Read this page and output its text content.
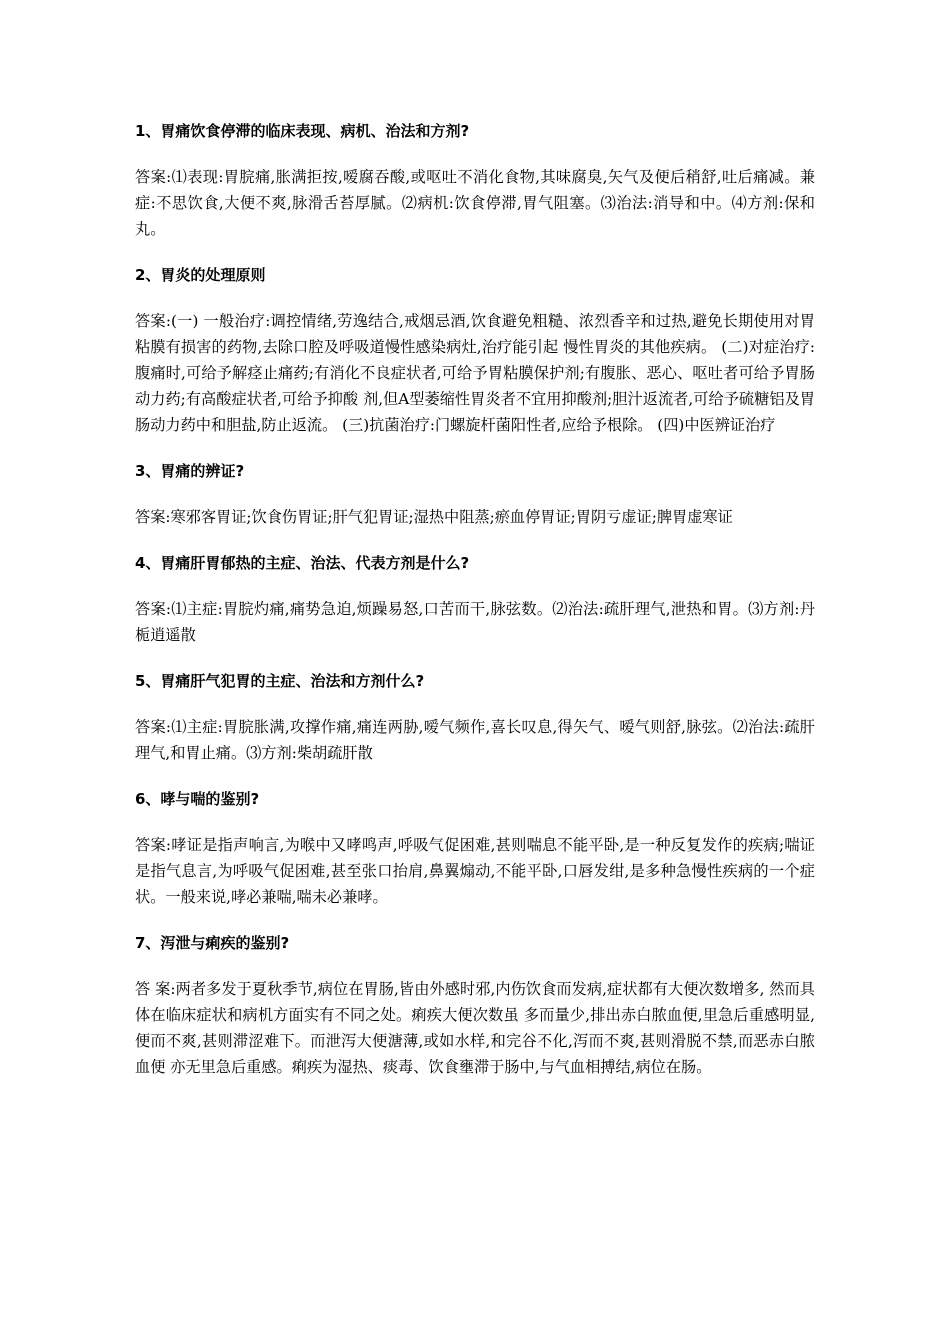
1、胃痛饮食停滞的临床表现、病机、治法和方剂?

答案:⑴表现:胃脘痛,胀满拒按,嗳腐吞酸,或呕吐不消化食物,其味腐臭,矢气及便后稍舒,吐后痛减。兼症:不思饮食,大便不爽,脉滑舌苔厚腻。⑵病机:饮食停滞,胃气阻塞。⑶治法:消导和中。⑷方剂:保和丸。

2、胃炎的处理原则

答案:(一) 一般治疗:调控情绪,劳逸结合,戒烟忌酒,饮食避免粗糙、浓烈香辛和过热,避免长期使用对胃粘膜有损害的药物,去除口腔及呼吸道慢性感染病灶,治疗能引起 慢性胃炎的其他疾病。 (二)对症治疗:腹痛时,可给予解痉止痛药;有消化不良症状者,可给予胃粘膜保护剂;有腹胀、恶心、呕吐者可给予胃肠动力药;有高酸症状者,可给予抑酸 剂,但A型萎缩性胃炎者不宜用抑酸剂;胆汁返流者,可给予硫糖铝及胃肠动力药中和胆盐,防止返流。 (三)抗菌治疗:门螺旋杆菌阳性者,应给予根除。 (四)中医辨证治疗

3、胃痛的辨证?

答案:寒邪客胃证;饮食伤胃证;肝气犯胃证;湿热中阻蒸;瘀血停胃证;胃阴亏虚证;脾胃虚寒证

4、胃痛肝胃郁热的主症、治法、代表方剂是什么?

答案:⑴主症:胃脘灼痛,痛势急迫,烦躁易怒,口苦而干,脉弦数。⑵治法:疏肝理气,泄热和胃。⑶方剂:丹栀逍遥散

5、胃痛肝气犯胃的主症、治法和方剂什么?

答案:⑴主症:胃脘胀满,攻撑作痛,痛连两胁,嗳气频作,喜长叹息,得矢气、嗳气则舒,脉弦。⑵治法:疏肝理气,和胃止痛。⑶方剂:柴胡疏肝散

6、哮与喘的鉴别?

答案:哮证是指声响言,为喉中又哮鸣声,呼吸气促困难,甚则喘息不能平卧,是一种反复发作的疾病;喘证是指气息言,为呼吸气促困难,甚至张口抬肩,鼻翼煽动,不能平卧,口唇发绀,是多种急慢性疾病的一个症状。一般来说,哮必兼喘,喘未必兼哮。

7、泻泄与痢疾的鉴别?

答 案:两者多发于夏秋季节,病位在胃肠,皆由外感时邪,内伤饮食而发病,症状都有大便次数增多, 然而具体在临床症状和病机方面实有不同之处。痢疾大便次数虽 多而量少,排出赤白脓血便,里急后重感明显,便而不爽,甚则滞涩难下。而泄泻大便溏薄,或如水样,和完谷不化,泻而不爽,甚则滑脱不禁,而恶赤白脓血便 亦无里急后重感。痢疾为湿热、痰毒、饮食壅滞于肠中,与气血相搏结,病位在肠。
